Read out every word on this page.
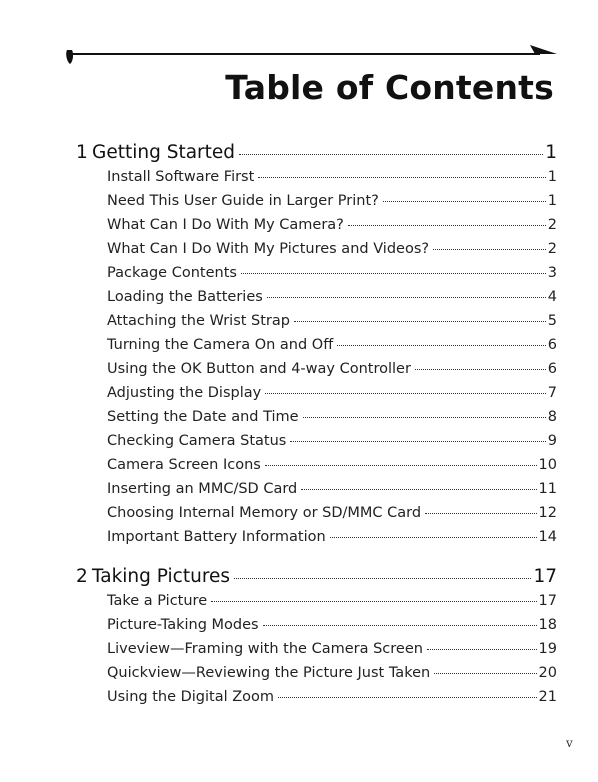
Table of Contents
1 Getting Started	1
Install Software First	1
Need This User Guide in Larger Print?	1
What Can I Do With My Camera?	2
What Can I Do With My Pictures and Videos?	2
Package Contents	3
Loading the Batteries	4
Attaching the Wrist Strap	5
Turning the Camera On and Off	6
Using the OK Button and 4-way Controller	6
Adjusting the Display	7
Setting the Date and Time	8
Checking Camera Status	9
Camera Screen Icons	10
Inserting an MMC/SD Card	11
Choosing Internal Memory or SD/MMC Card	12
Important Battery Information	14
2 Taking Pictures	17
Take a Picture	17
Picture-Taking Modes	18
Liveview—Framing with the Camera Screen	19
Quickview—Reviewing the Picture Just Taken	20
Using the Digital Zoom	21
v
